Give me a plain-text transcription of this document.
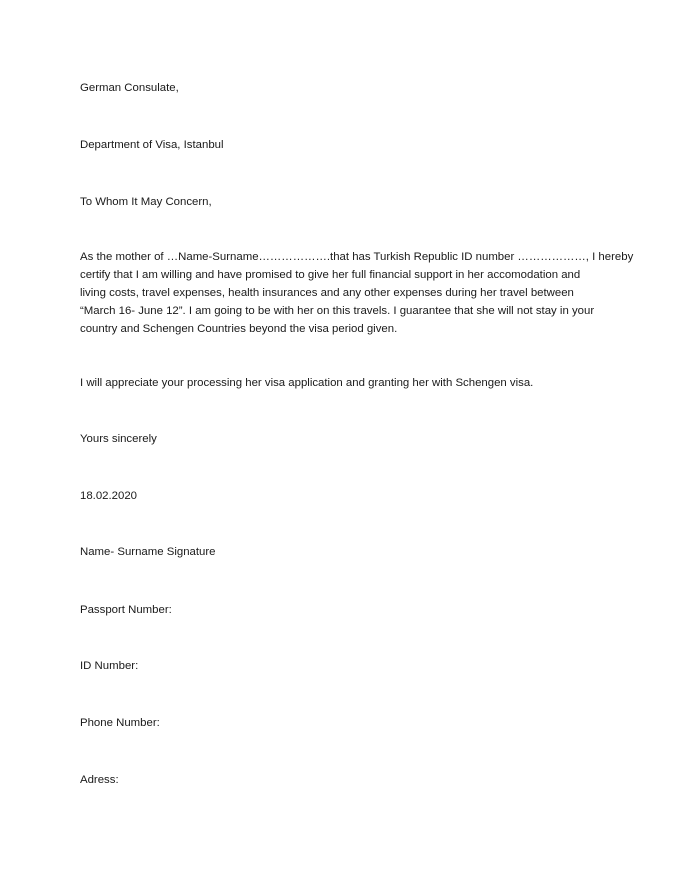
German Consulate,

Department of Visa, Istanbul

To Whom It May Concern,

As the mother of …Name-Surname……………….that has Turkish Republic ID number ………………, I hereby
certify that I am willing and have promised to give her full financial support in her accomodation and
living costs, travel expenses, health insurances and any other expenses during her travel between
“March 16- June 12”. I am going to be with her on this travels. I guarantee that she will not stay in your
country and Schengen Countries beyond the visa period given.

I will appreciate your processing her visa application and granting her with Schengen visa.

Yours sincerely

18.02.2020

Name- Surname Signature

Passport Number:

ID Number:

Phone Number:

Adress:
